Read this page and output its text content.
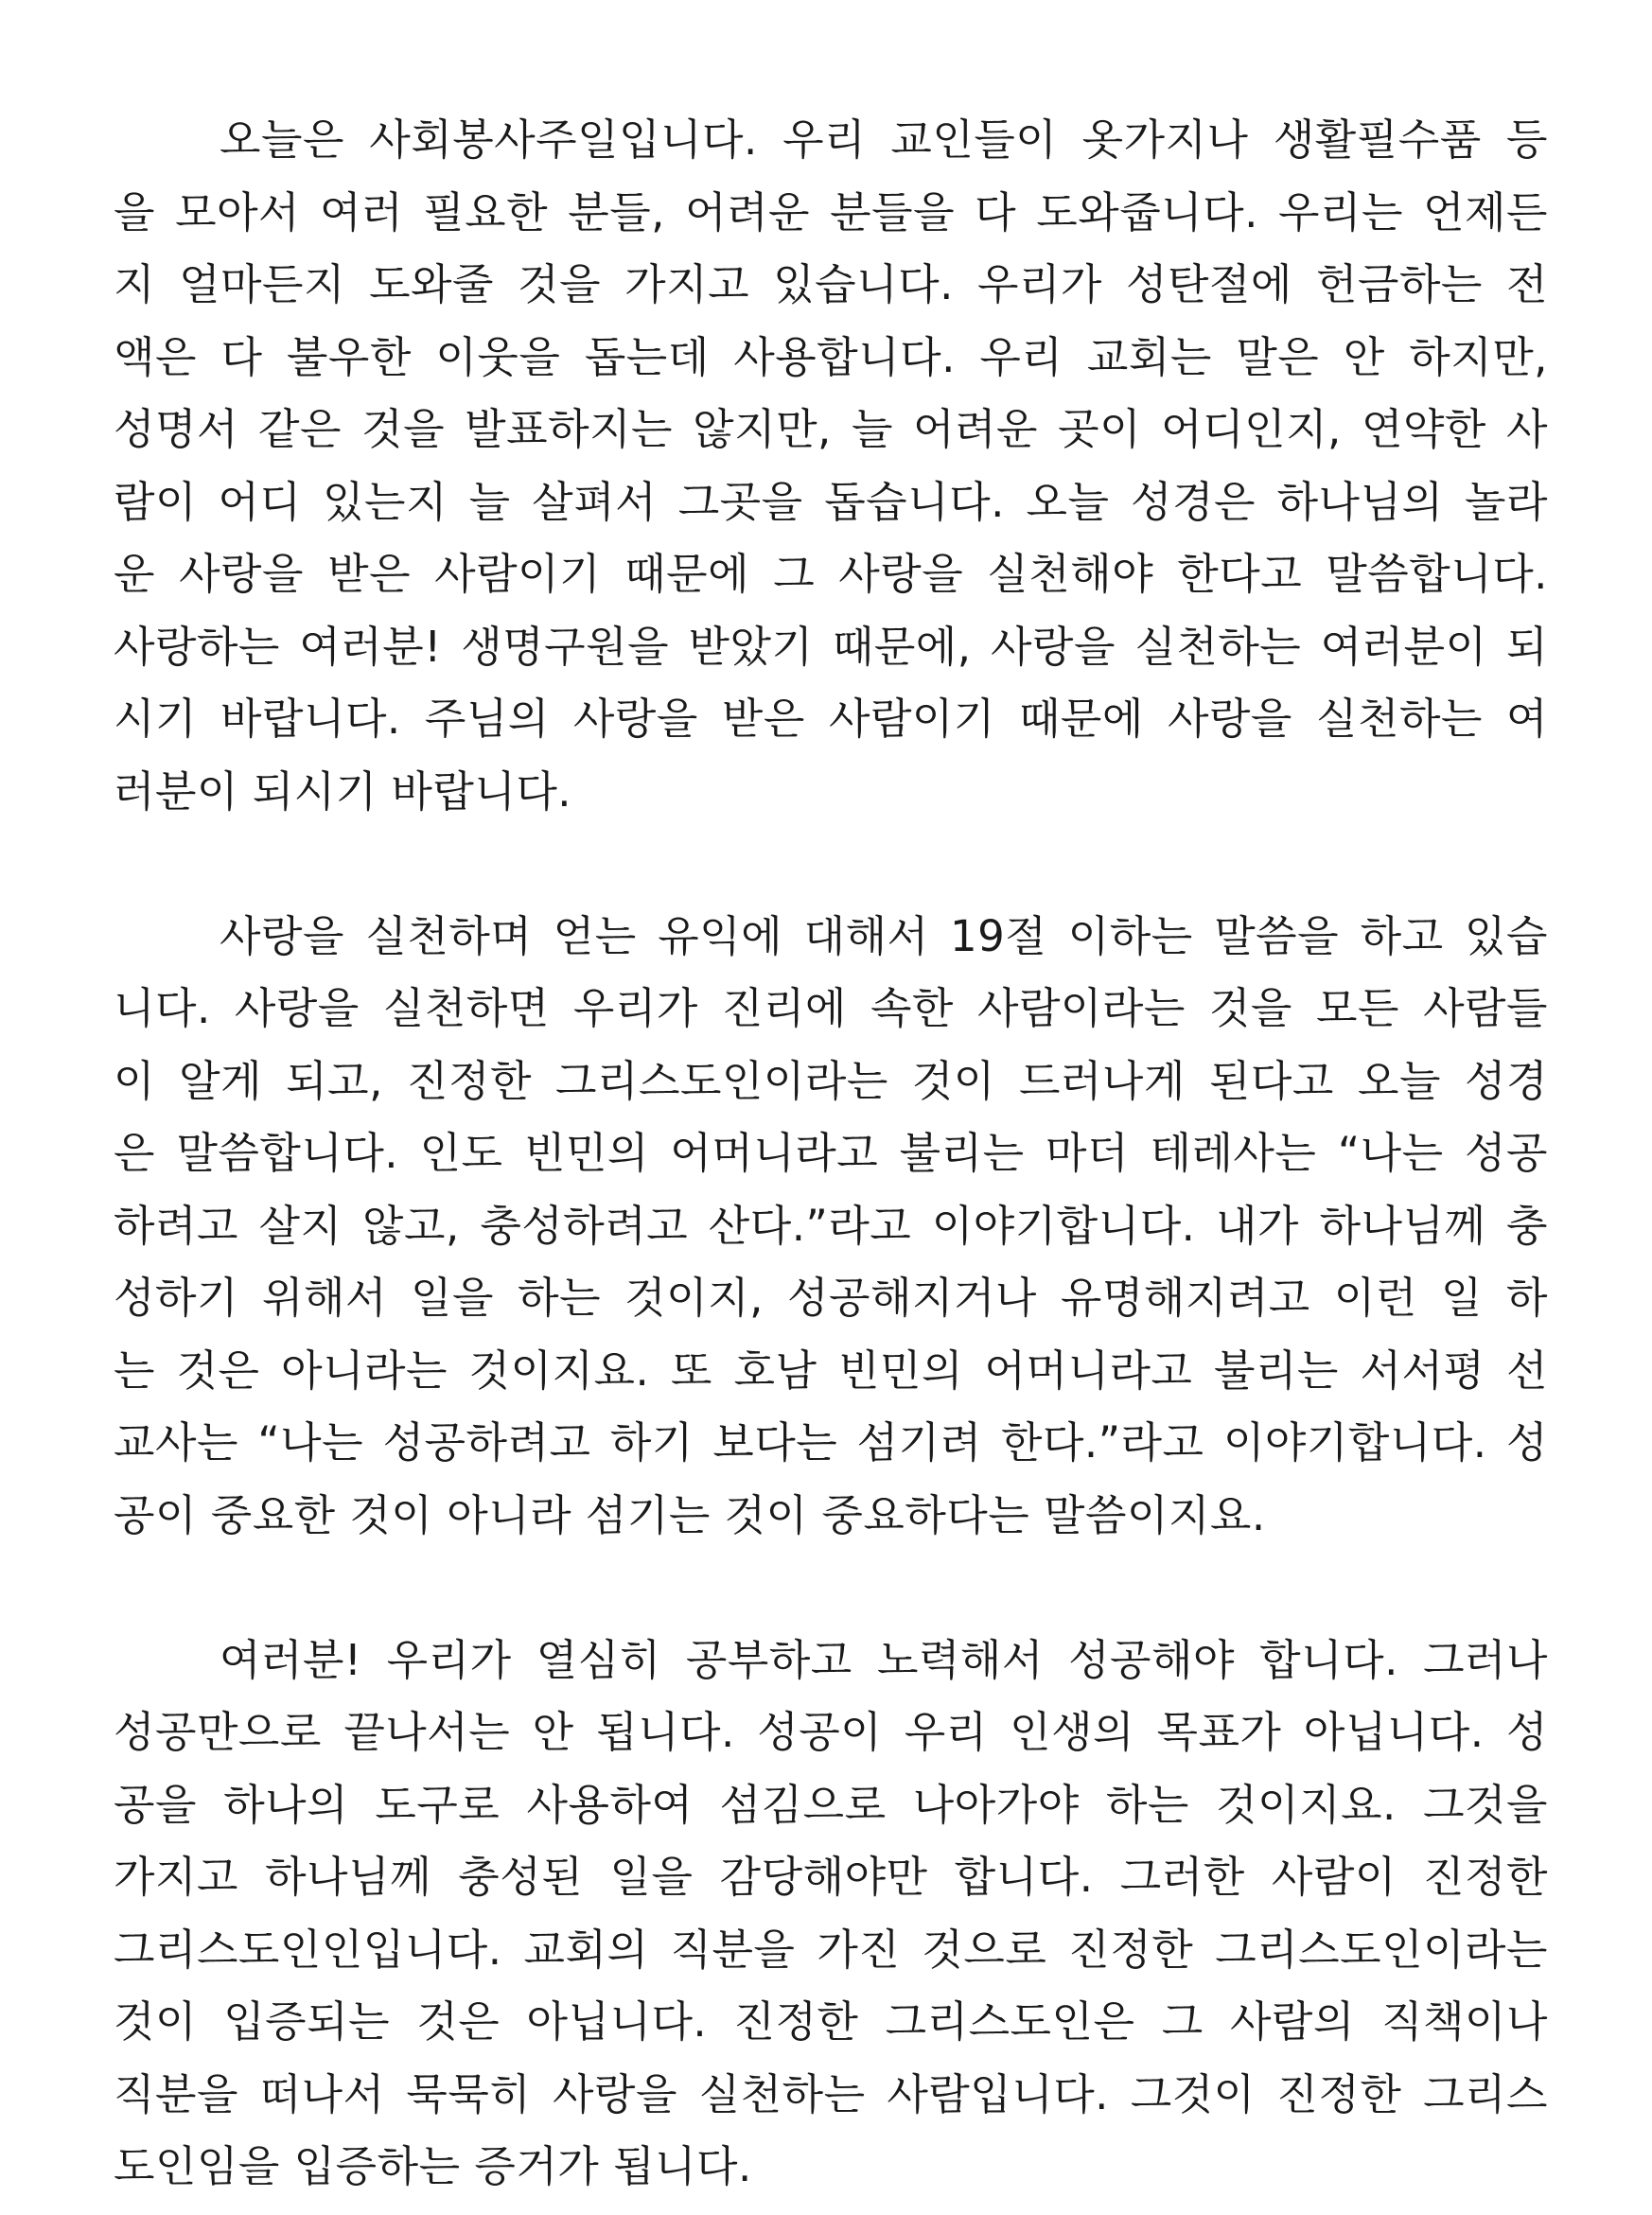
오늘은 사회봉사주일입니다. 우리 교인들이 옷가지나 생활필수품 등
을 모아서 여러 필요한 분들, 어려운 분들을 다 도와줍니다. 우리는 언제든
지 얼마든지 도와줄 것을 가지고 있습니다. 우리가 성탄절에 헌금하는 전
액은 다 불우한 이웃을 돕는데 사용합니다. 우리 교회는 말은 안 하지만,
성명서 같은 것을 발표하지는 않지만, 늘 어려운 곳이 어디인지, 연약한 사
람이 어디 있는지 늘 살펴서 그곳을 돕습니다. 오늘 성경은 하나님의 놀라
운 사랑을 받은 사람이기 때문에 그 사랑을 실천해야 한다고 말씀합니다.
사랑하는 여러분! 생명구원을 받았기 때문에, 사랑을 실천하는 여러분이 되
시기 바랍니다. 주님의 사랑을 받은 사람이기 때문에 사랑을 실천하는 여
러분이 되시기 바랍니다.

사랑을 실천하며 얻는 유익에 대해서 19절 이하는 말씀을 하고 있습
니다. 사랑을 실천하면 우리가 진리에 속한 사람이라는 것을 모든 사람들
이 알게 되고, 진정한 그리스도인이라는 것이 드러나게 된다고 오늘 성경
은 말씀합니다. 인도 빈민의 어머니라고 불리는 마더 테레사는 “나는 성공
하려고 살지 않고, 충성하려고 산다.”라고 이야기합니다. 내가 하나님께 충
성하기 위해서 일을 하는 것이지, 성공해지거나 유명해지려고 이런 일 하
는 것은 아니라는 것이지요. 또 호남 빈민의 어머니라고 불리는 서서평 선
교사는 “나는 성공하려고 하기 보다는 섬기려 한다.”라고 이야기합니다. 성
공이 중요한 것이 아니라 섬기는 것이 중요하다는 말씀이지요.

여러분! 우리가 열심히 공부하고 노력해서 성공해야 합니다. 그러나
성공만으로 끝나서는 안 됩니다. 성공이 우리 인생의 목표가 아닙니다. 성
공을 하나의 도구로 사용하여 섬김으로 나아가야 하는 것이지요. 그것을
가지고 하나님께 충성된 일을 감당해야만 합니다. 그러한 사람이 진정한
그리스도인인입니다. 교회의 직분을 가진 것으로 진정한 그리스도인이라는
것이 입증되는 것은 아닙니다. 진정한 그리스도인은 그 사람의 직책이나
직분을 떠나서 묵묵히 사랑을 실천하는 사람입니다. 그것이 진정한 그리스
도인임을 입증하는 증거가 됩니다.
